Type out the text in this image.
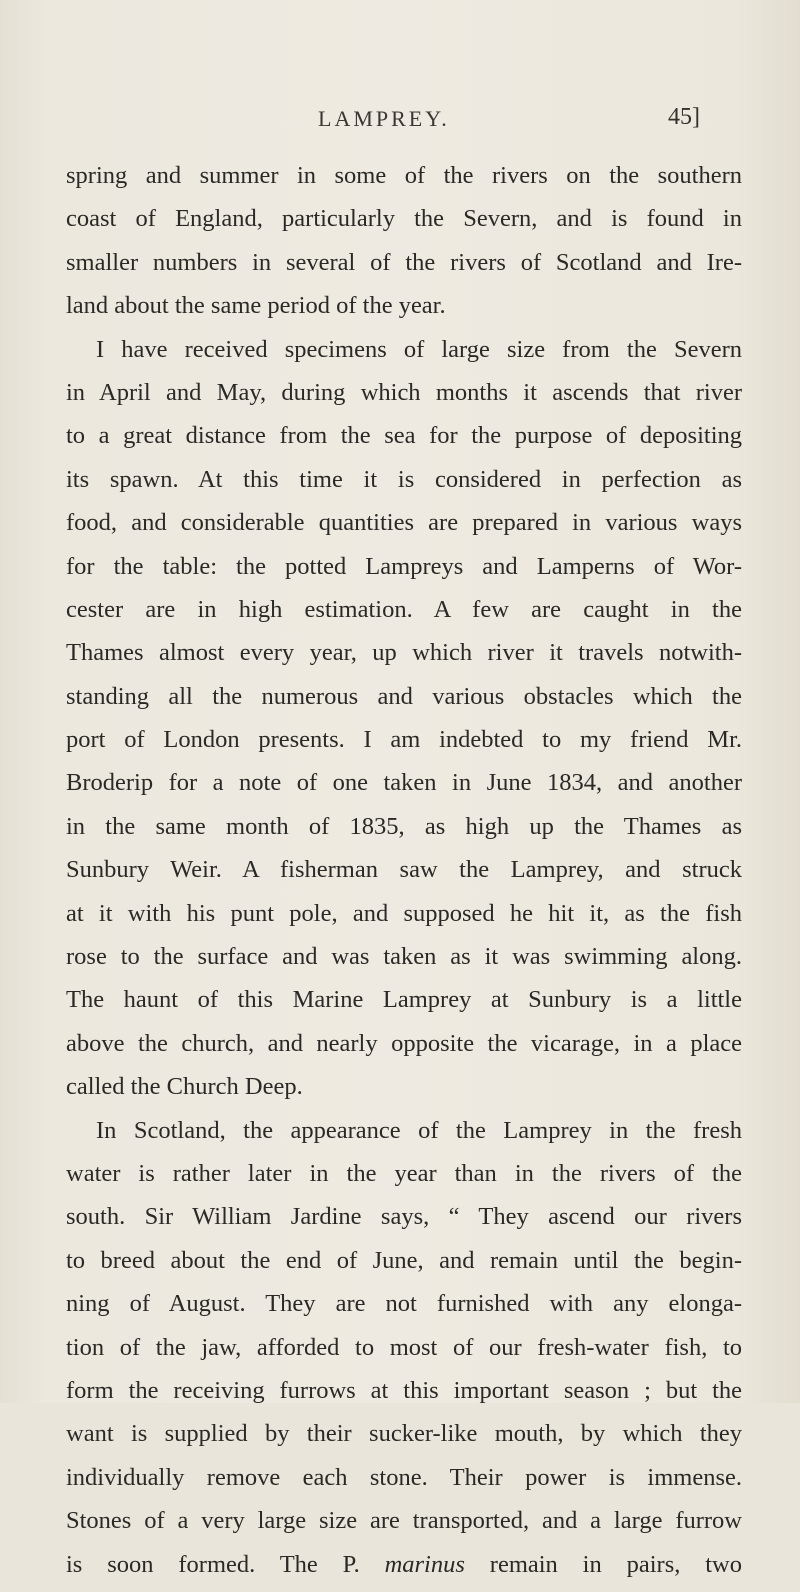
LAMPREY.	45]
spring and summer in some of the rivers on the southern
coast of England, particularly the Severn, and is found in
smaller numbers in several of the rivers of Scotland and Ire-
land about the same period of the year.
I have received specimens of large size from the Severn
in April and May, during which months it ascends that river
to a great distance from the sea for the purpose of depositing
its spawn. At this time it is considered in perfection as
food, and considerable quantities are prepared in various ways
for the table: the potted Lampreys and Lamperns of Wor-
cester are in high estimation. A few are caught in the
Thames almost every year, up which river it travels notwith-
standing all the numerous and various obstacles which the
port of London presents. I am indebted to my friend Mr.
Broderip for a note of one taken in June 1834, and another
in the same month of 1835, as high up the Thames as
Sunbury Weir. A fisherman saw the Lamprey, and struck
at it with his punt pole, and supposed he hit it, as the fish
rose to the surface and was taken as it was swimming along.
The haunt of this Marine Lamprey at Sunbury is a little
above the church, and nearly opposite the vicarage, in a place
called the Church Deep.
In Scotland, the appearance of the Lamprey in the fresh
water is rather later in the year than in the rivers of the
south. Sir William Jardine says, “ They ascend our rivers
to breed about the end of June, and remain until the begin-
ning of August. They are not furnished with any elonga-
tion of the jaw, afforded to most of our fresh-water fish, to
form the receiving furrows at this important season ; but the
want is supplied by their sucker-like mouth, by which they
individually remove each stone. Their power is immense.
Stones of a very large size are transported, and a large furrow
is soon formed. The P. marinus remain in pairs, two
